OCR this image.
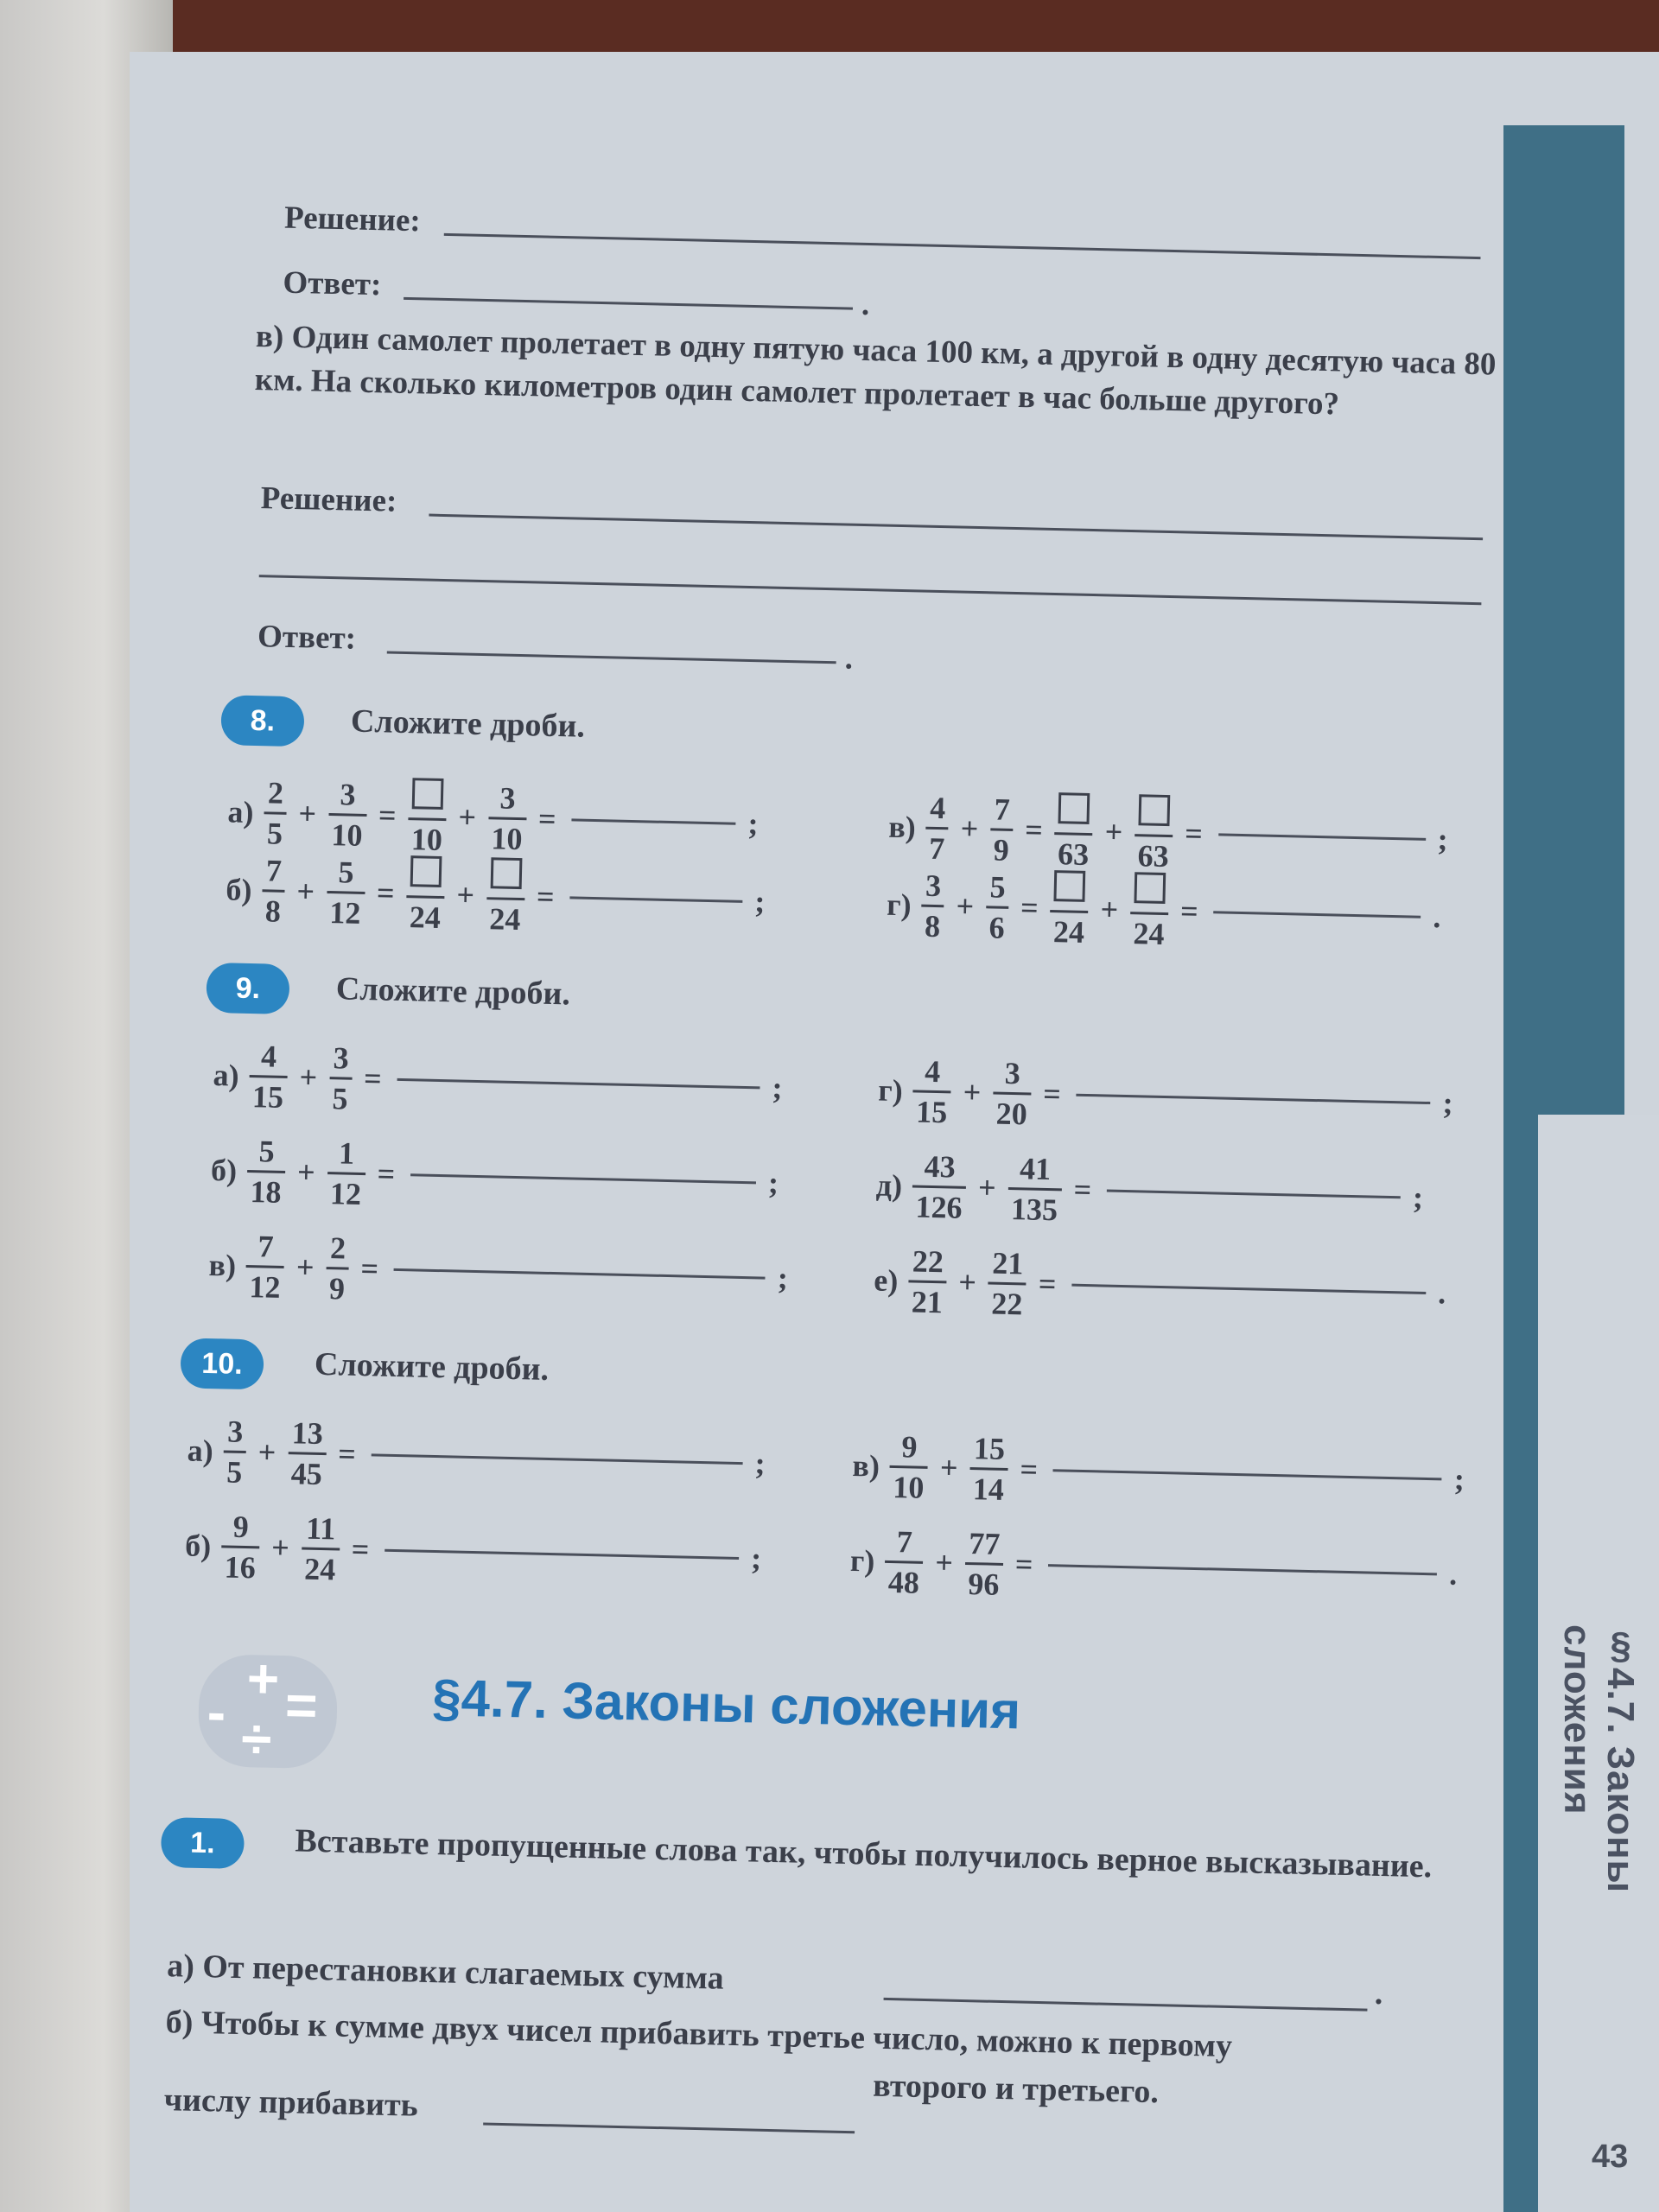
§4.7. Законы сложения
43
Решение:
Ответ:
.
в) Один самолет пролетает в одну пятую часа 100 км, а другой в одну десятую часа 80 км. На сколько километров один самолет пролетает в час больше другого?
Решение:
Ответ:
.
8.	Сложите дроби.
$а) \frac{2}{5} + \frac{3}{10}$ =
10
+ $\frac{3}{10}$ =	;
$б) \frac{7}{8} + \frac{5}{12}$ =
24
+
24
=	;
$в) \frac{4}{7} + \frac{7}{9}$ =
63
+
63
=	;
$г) \frac{3}{8} + \frac{5}{6}$ =
24
+
24
=	.
9.	Сложите дроби.
$а) \frac{4}{15} + \frac{3}{5}$ =	;
$б) \frac{5}{18} + \frac{1}{12}$ =	;
$в) \frac{7}{12} + \frac{2}{9}$ =	;
$г) \frac{4}{15} + \frac{3}{20}$ =	;
$д) \frac{43}{126} + \frac{41}{135}$ =	;
$е) \frac{22}{21} + \frac{21}{22}$ =	.
10.	Сложите дроби.
$а) \frac{3}{5} + \frac{13}{45}$ =	;
$б) \frac{9}{16} + \frac{11}{24}$ =	;
$в) \frac{9}{10} + \frac{15}{14}$ =	;
$г) \frac{7}{48} + \frac{77}{96}$ =	.
-
+ =
÷	§4.7. Законы сложения
1.	Вставьте пропущенные слова так, чтобы получилось верное высказывание.
а) От перестановки слагаемых сумма	.
б) Чтобы к сумме двух чисел прибавить третье число, можно к первому
числу прибавить	второго и третьего.
